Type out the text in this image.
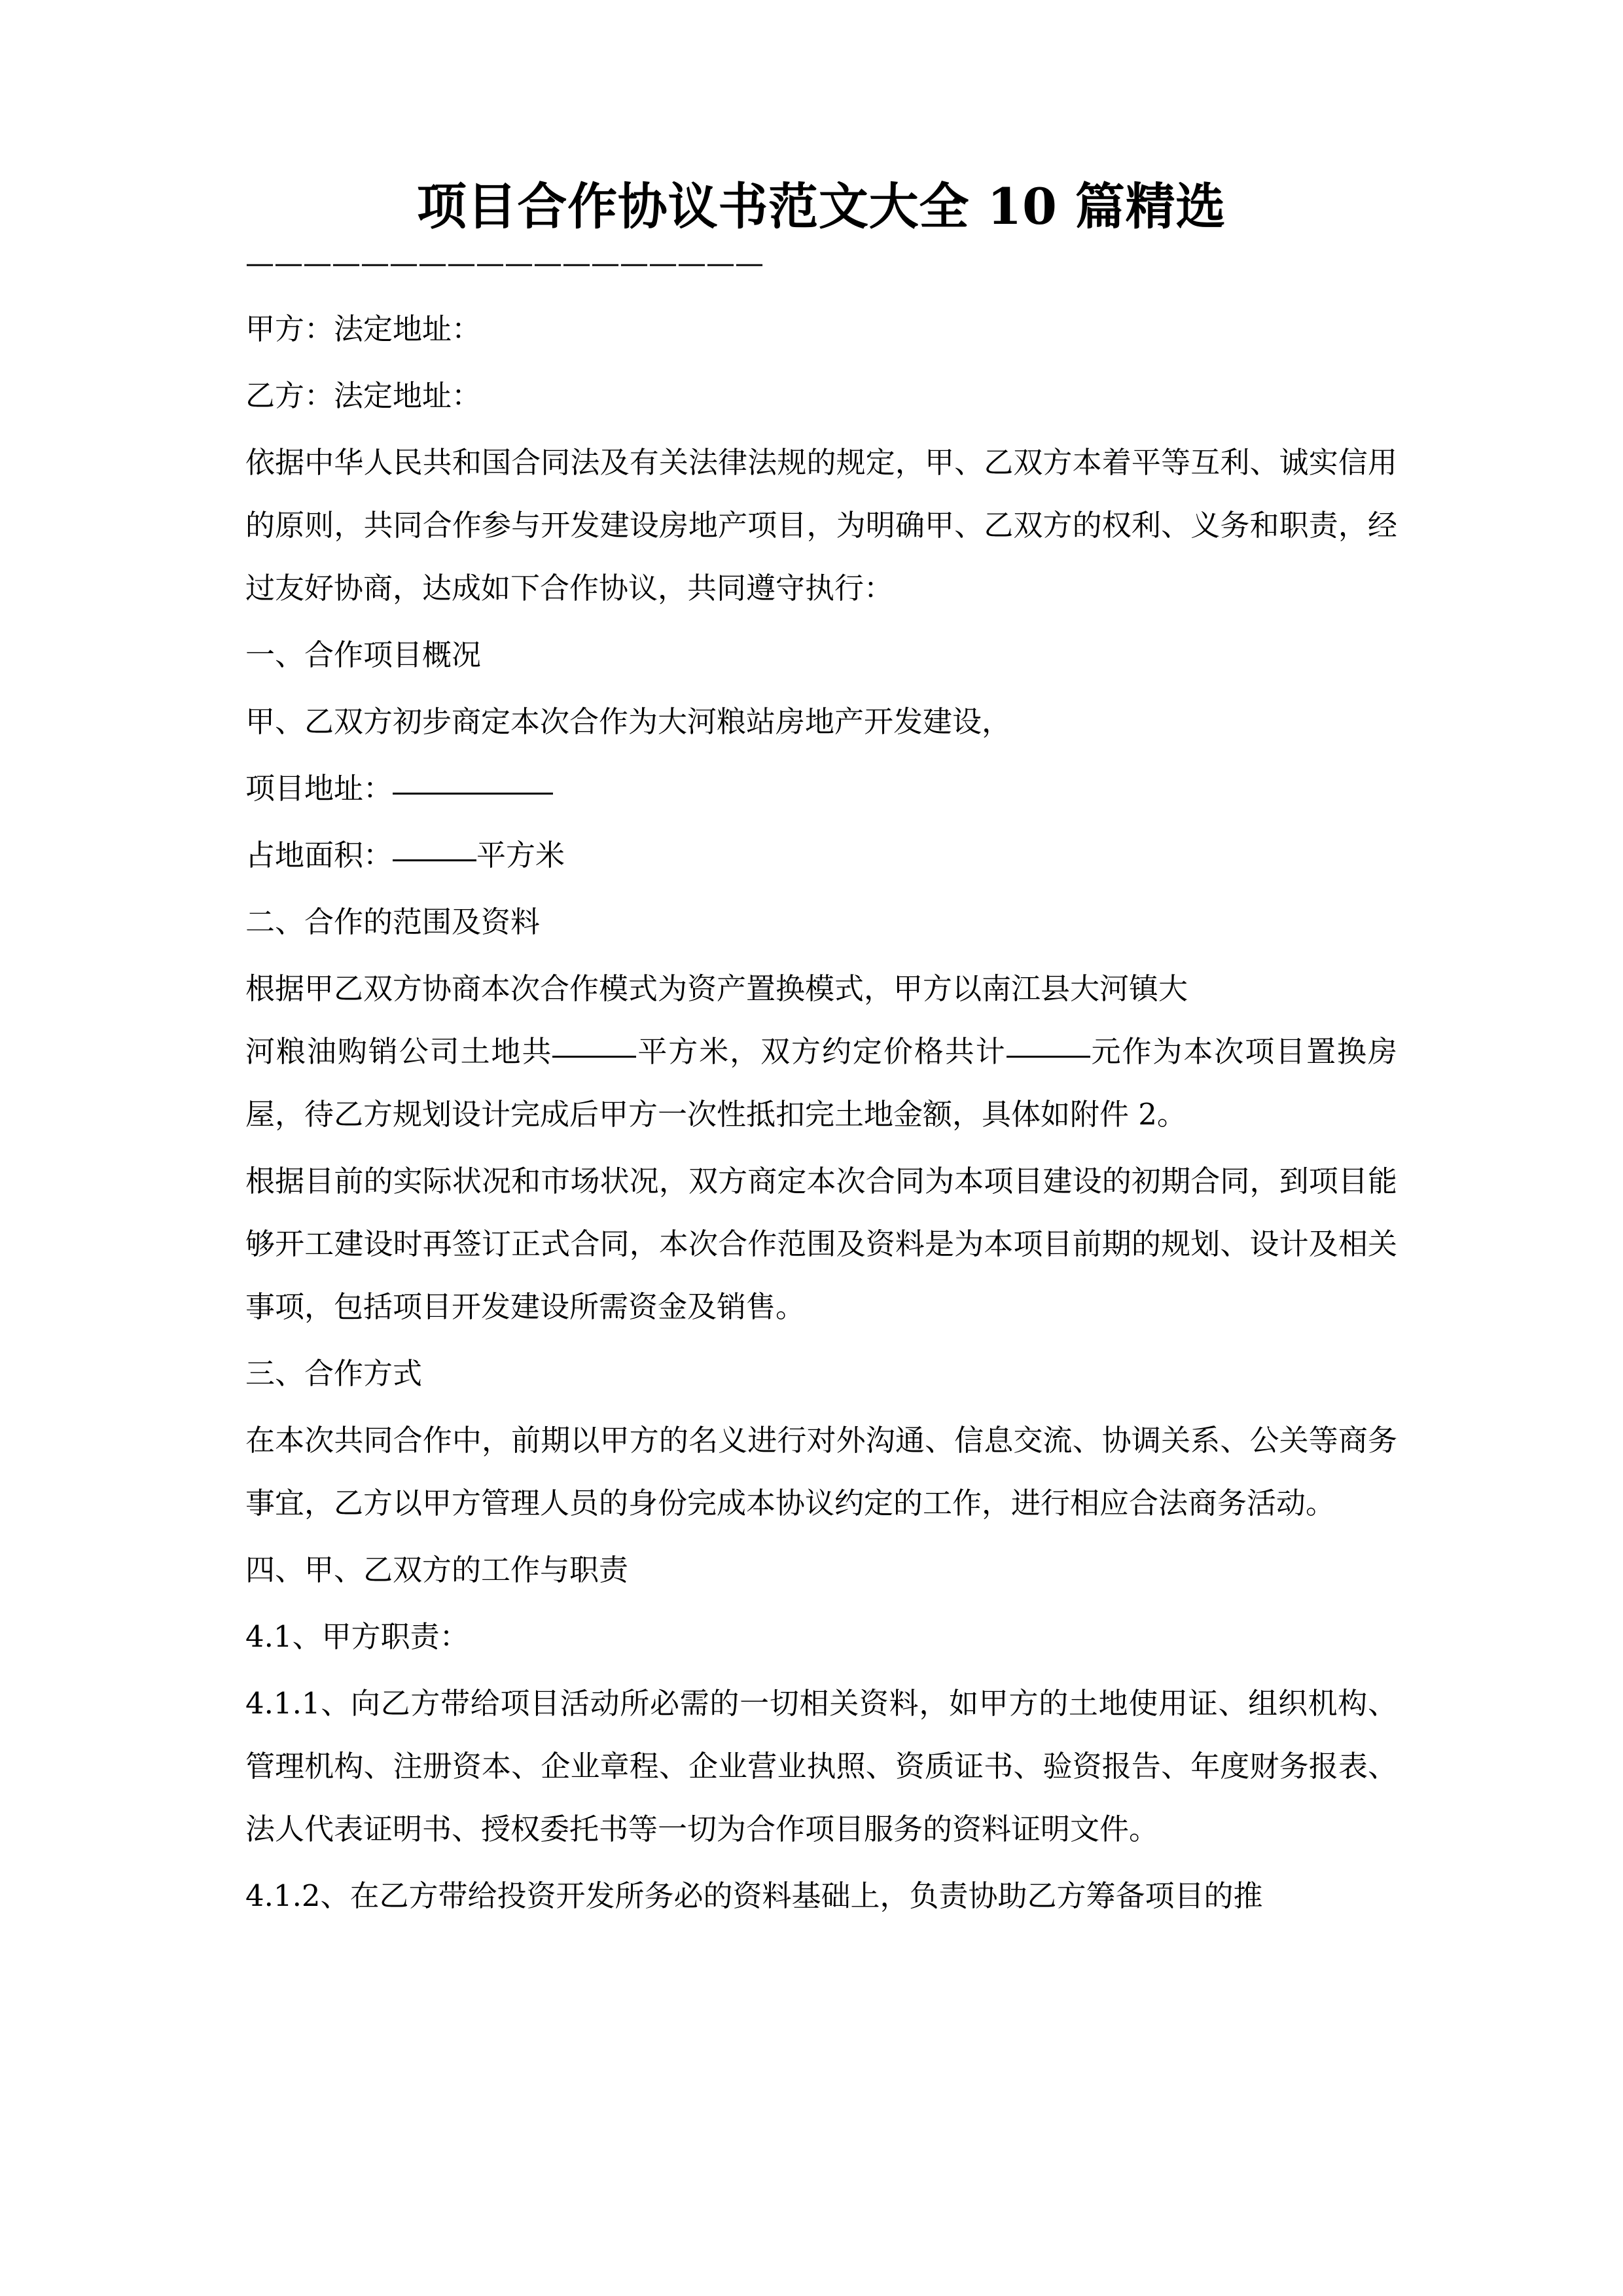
项目合作协议书范文大全 10 篇精选
——————————————————

甲方：法定地址：

乙方：法定地址：

依据中华人民共和国合同法及有关法律法规的规定，甲、乙双方本着平等互利、诚实信用的原则，共同合作参与开发建设房地产项目，为明确甲、乙双方的权利、义务和职责，经过友好协商，达成如下合作协议，共同遵守执行：

一、合作项目概况

甲、乙双方初步商定本次合作为大河粮站房地产开发建设，

项目地址：

占地面积：	平方米

二、合作的范围及资料

根据甲乙双方协商本次合作模式为资产置换模式，甲方以南江县大河镇大

河粮油购销公司土地共	平方米，双方约定价格共计	元作为本次项目置换房屋，待乙方规划设计完成后甲方一次性抵扣完土地金额，具体如附件 2。

根据目前的实际状况和市场状况，双方商定本次合同为本项目建设的初期合同，到项目能够开工建设时再签订正式合同，本次合作范围及资料是为本项目前期的规划、设计及相关事项，包括项目开发建设所需资金及销售。

三、合作方式

在本次共同合作中，前期以甲方的名义进行对外沟通、信息交流、协调关系、公关等商务事宜，乙方以甲方管理人员的身份完成本协议约定的工作，进行相应合法商务活动。

四、甲、乙双方的工作与职责

4.1、甲方职责：

4.1.1、向乙方带给项目活动所必需的一切相关资料，如甲方的土地使用证、组织机构、管理机构、注册资本、企业章程、企业营业执照、资质证书、验资报告、年度财务报表、法人代表证明书、授权委托书等一切为合作项目服务的资料证明文件。

4.1.2、在乙方带给投资开发所务必的资料基础上，负责协助乙方筹备项目的推
